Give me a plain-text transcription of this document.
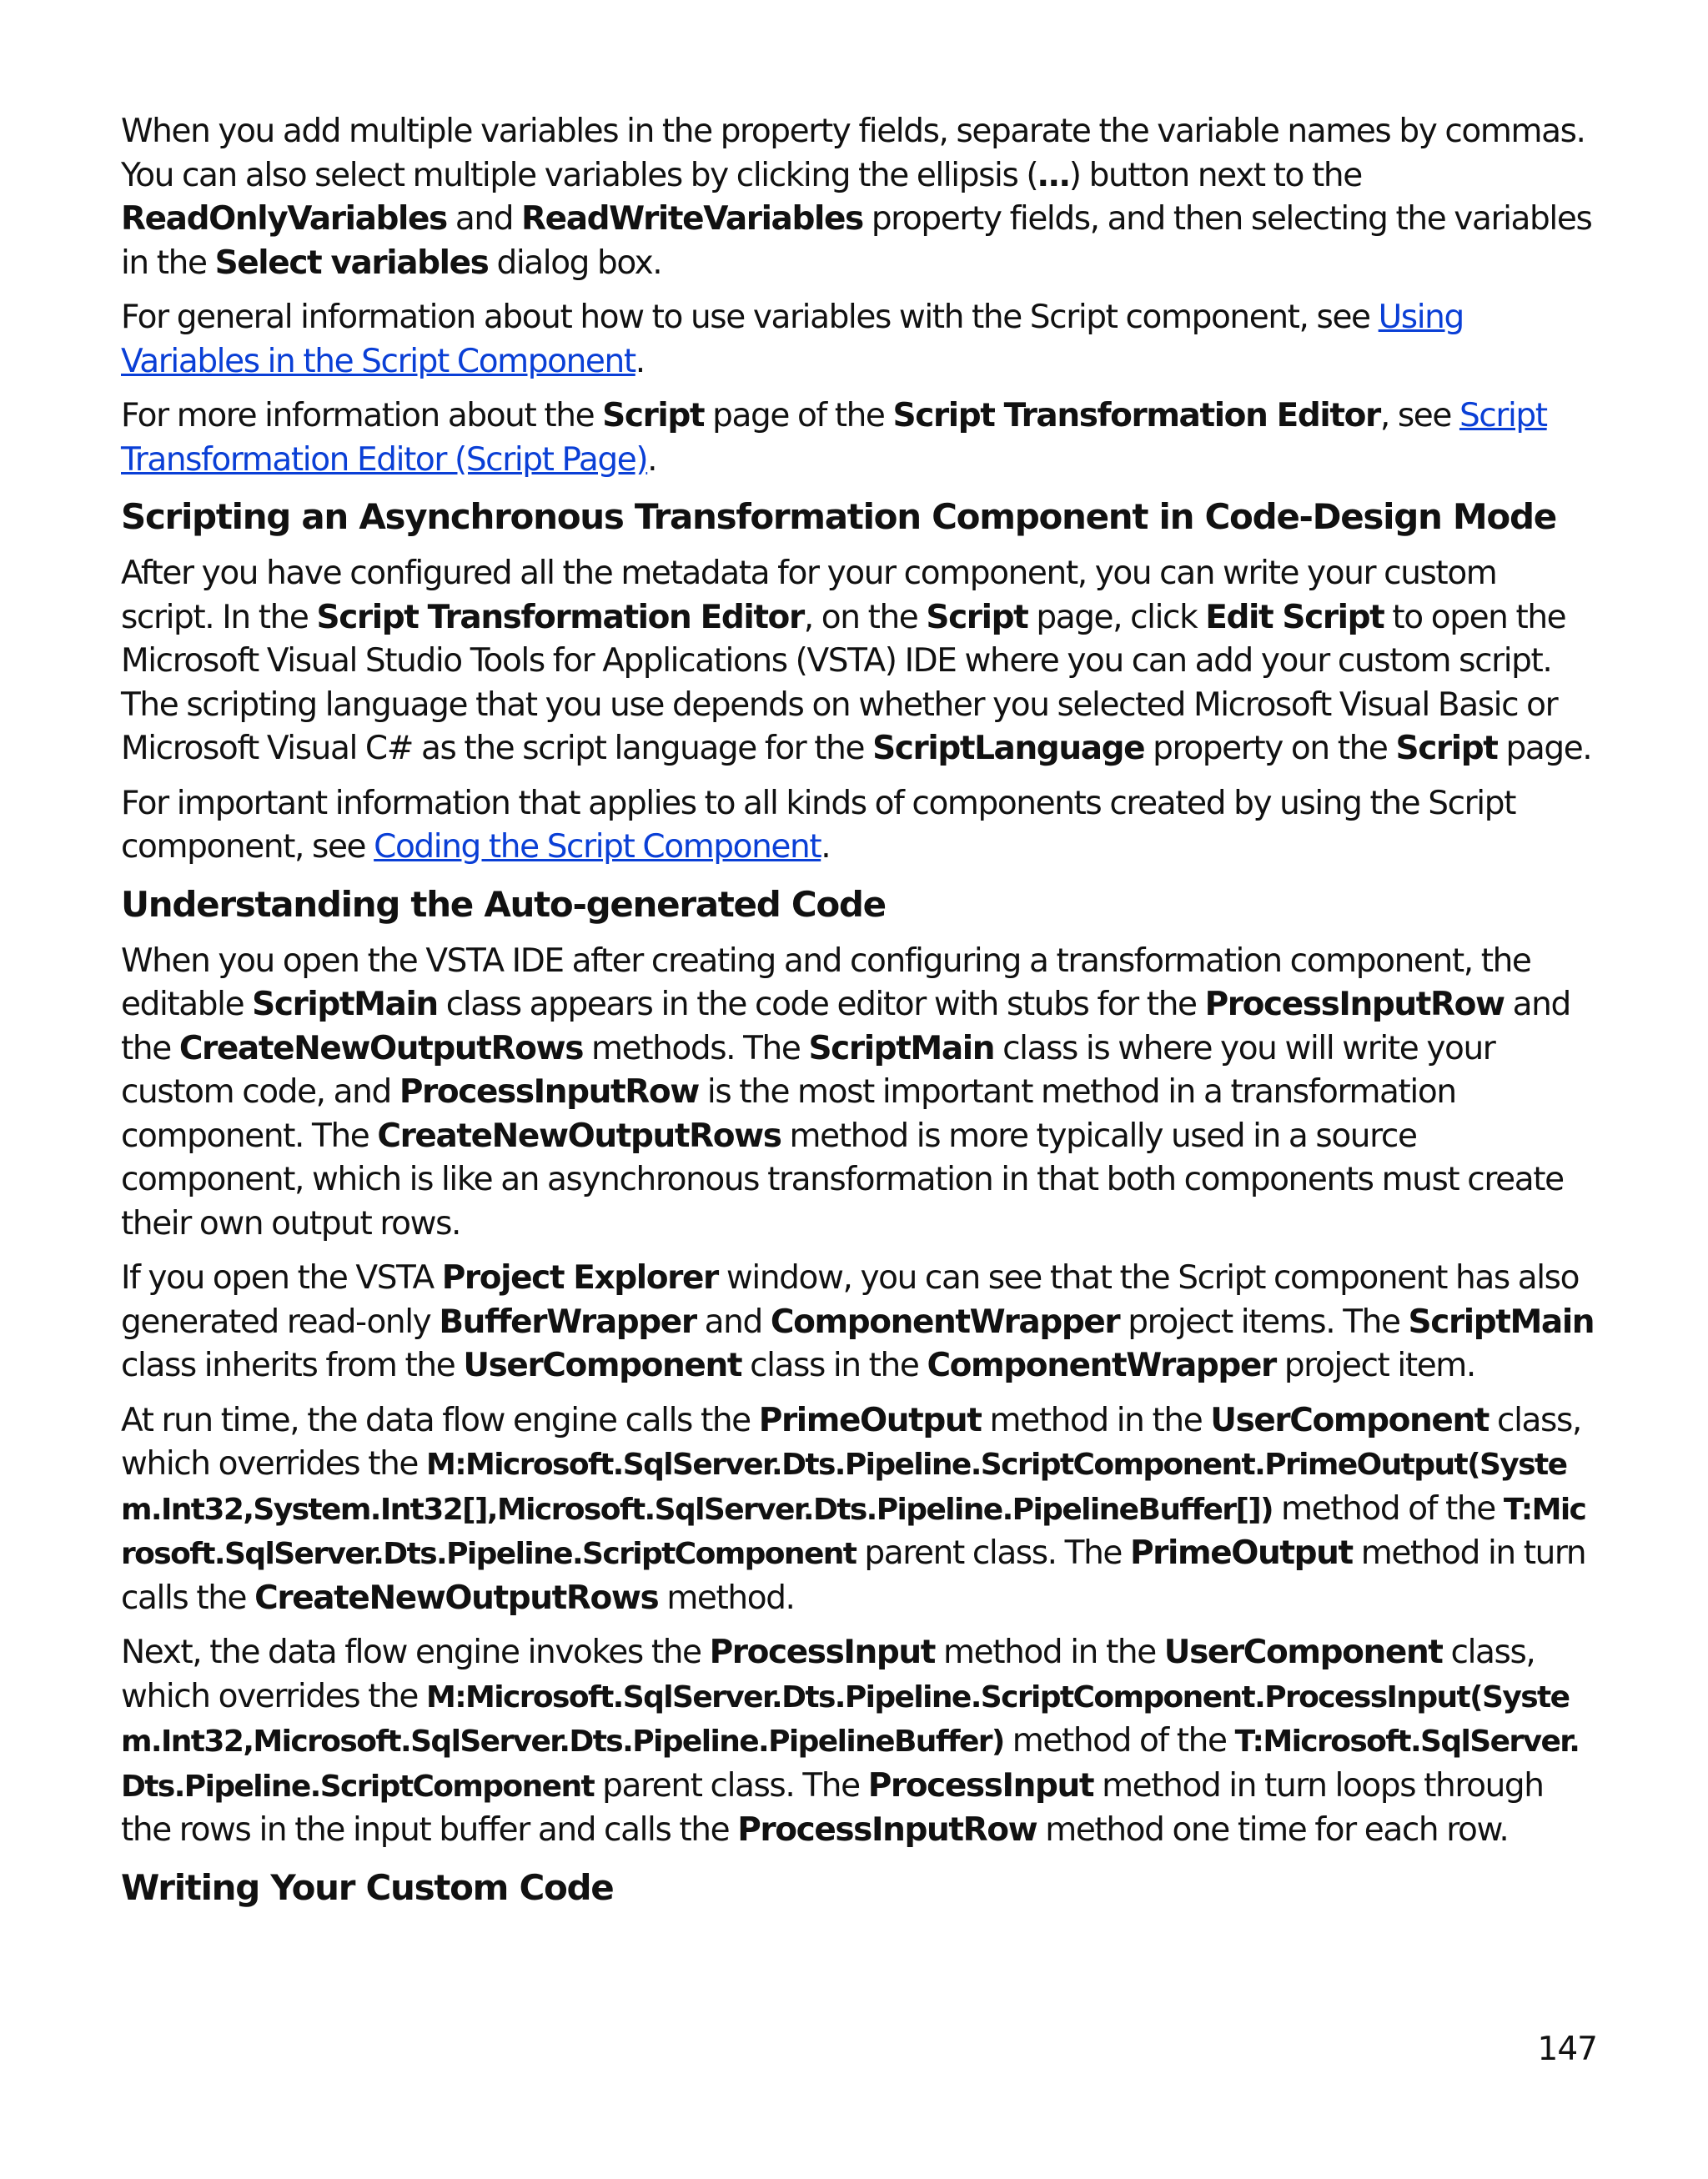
When you add multiple variables in the property fields, separate the variable names by commas. You can also select multiple variables by clicking the ellipsis (…) button next to the ReadOnlyVariables and ReadWriteVariables property fields, and then selecting the variables in the Select variables dialog box.

For general information about how to use variables with the Script component, see Using Variables in the Script Component.

For more information about the Script page of the Script Transformation Editor, see Script Transformation Editor (Script Page).

Scripting an Asynchronous Transformation Component in Code-Design Mode

After you have configured all the metadata for your component, you can write your custom script. In the Script Transformation Editor, on the Script page, click Edit Script to open the Microsoft Visual Studio Tools for Applications (VSTA) IDE where you can add your custom script. The scripting language that you use depends on whether you selected Microsoft Visual Basic or Microsoft Visual C# as the script language for the ScriptLanguage property on the Script page.

For important information that applies to all kinds of components created by using the Script component, see Coding the Script Component.

Understanding the Auto-generated Code

When you open the VSTA IDE after creating and configuring a transformation component, the editable ScriptMain class appears in the code editor with stubs for the ProcessInputRow and the CreateNewOutputRows methods. The ScriptMain class is where you will write your custom code, and ProcessInputRow is the most important method in a transformation component. The CreateNewOutputRows method is more typically used in a source component, which is like an asynchronous transformation in that both components must create their own output rows.

If you open the VSTA Project Explorer window, you can see that the Script component has also generated read-only BufferWrapper and ComponentWrapper project items. The ScriptMain class inherits from the UserComponent class in the ComponentWrapper project item.

At run time, the data flow engine calls the PrimeOutput method in the UserComponent class, which overrides the M:Microsoft.SqlServer.Dts.Pipeline.ScriptComponent.PrimeOutput(System.Int32,System.Int32[],Microsoft.SqlServer.Dts.Pipeline.PipelineBuffer[]) method of the T:Microsoft.SqlServer.Dts.Pipeline.ScriptComponent parent class. The PrimeOutput method in turn calls the CreateNewOutputRows method.

Next, the data flow engine invokes the ProcessInput method in the UserComponent class, which overrides the M:Microsoft.SqlServer.Dts.Pipeline.ScriptComponent.ProcessInput(System.Int32,Microsoft.SqlServer.Dts.Pipeline.PipelineBuffer) method of the T:Microsoft.SqlServer.Dts.Pipeline.ScriptComponent parent class. The ProcessInput method in turn loops through the rows in the input buffer and calls the ProcessInputRow method one time for each row.

Writing Your Custom Code
147
